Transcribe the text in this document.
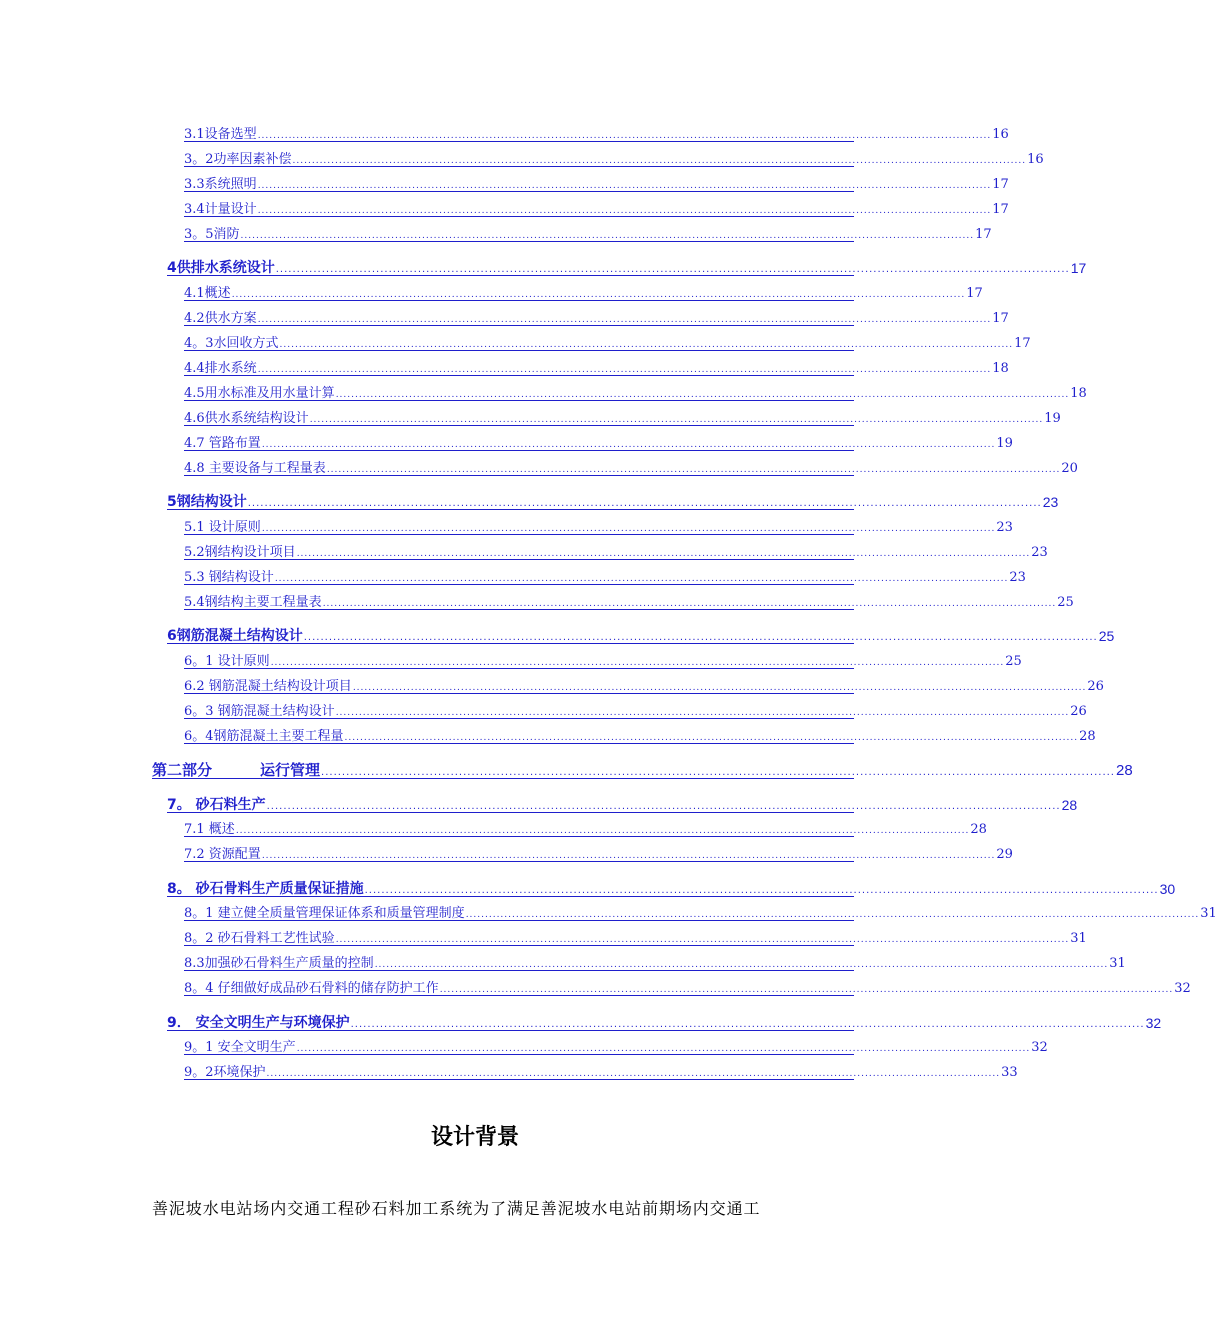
3.1设备选型 .............................................................................................................................................................................................. 16
3。2功率因素补偿 .............................................................................................................................................................................................. 16
3.3系统照明 .............................................................................................................................................................................................. 17
3.4计量设计 .............................................................................................................................................................................................. 17
3。5消防 .............................................................................................................................................................................................. 17
4供排水系统设计 .............................................................................................................................................................................................. 17
4.1概述 .............................................................................................................................................................................................. 17
4.2供水方案 .............................................................................................................................................................................................. 17
4。3水回收方式 .............................................................................................................................................................................................. 17
4.4排水系统 .............................................................................................................................................................................................. 18
4.5用水标准及用水量计算 .............................................................................................................................................................................................. 18
4.6供水系统结构设计 .............................................................................................................................................................................................. 19
4.7 管路布置 .............................................................................................................................................................................................. 19
4.8 主要设备与工程量表 .............................................................................................................................................................................................. 20
5钢结构设计 .............................................................................................................................................................................................. 23
5.1 设计原则 .............................................................................................................................................................................................. 23
5.2钢结构设计项目 .............................................................................................................................................................................................. 23
5.3 钢结构设计 .............................................................................................................................................................................................. 23
5.4钢结构主要工程量表 .............................................................................................................................................................................................. 25
6钢筋混凝土结构设计 .............................................................................................................................................................................................. 25
6。1 设计原则 .............................................................................................................................................................................................. 25
6.2 钢筋混凝土结构设计项目 .............................................................................................................................................................................................. 26
6。3 钢筋混凝土结构设计 .............................................................................................................................................................................................. 26
6。4钢筋混凝土主要工程量 .............................................................................................................................................................................................. 28
第二部分	运行管理 .............................................................................................................................................................................................. 28
7。 砂石料生产 .............................................................................................................................................................................................. 28
7.1 概述 .............................................................................................................................................................................................. 28
7.2 资源配置 .............................................................................................................................................................................................. 29
8。 砂石骨料生产质量保证措施 .............................................................................................................................................................................................. 30
8。1 建立健全质量管理保证体系和质量管理制度 .............................................................................................................................................................................................. 31
8。2 砂石骨料工艺性试验 .............................................................................................................................................................................................. 31
8.3加强砂石骨料生产质量的控制 .............................................................................................................................................................................................. 31
8。4 仔细做好成品砂石骨料的储存防护工作 .............................................................................................................................................................................................. 32
9． 安全文明生产与环境保护 .............................................................................................................................................................................................. 32
9。1 安全文明生产 .............................................................................................................................................................................................. 32
9。2环境保护 .............................................................................................................................................................................................. 33
设计背景
善泥坡水电站场内交通工程砂石料加工系统为了满足善泥坡水电站前期场内交通工
